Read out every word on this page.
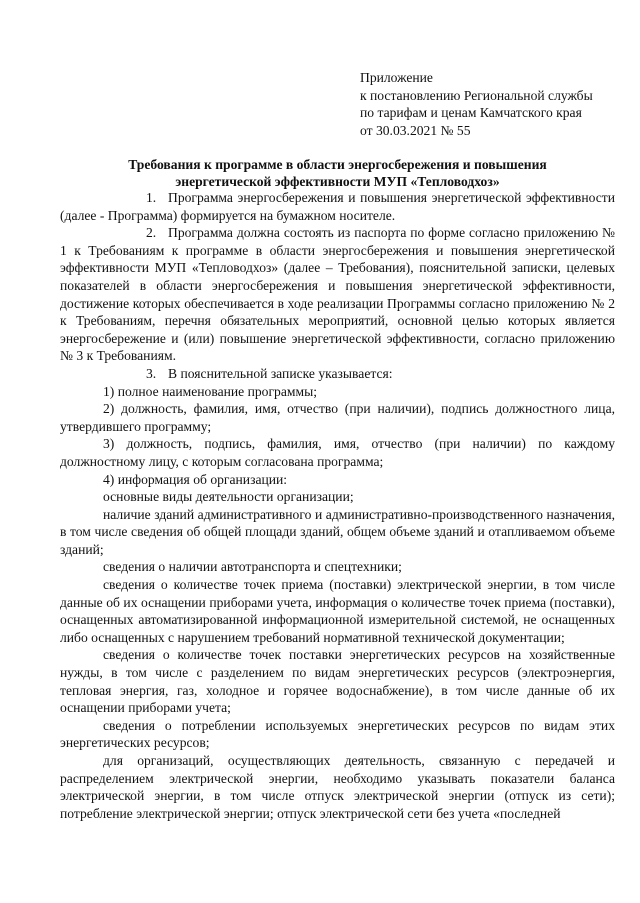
Приложение
к постановлению Региональной службы
по тарифам и ценам Камчатского края
от 30.03.2021 № 55
Требования к программе в области энергосбережения и повышения
энергетической эффективности МУП «Тепловодхоз»

1. Программа энергосбережения и повышения энергетической эффективности (далее - Программа) формируется на бумажном носителе.

2. Программа должна состоять из паспорта по форме согласно приложению № 1 к Требованиям к программе в области энергосбережения и повышения энергетической эффективности МУП «Тепловодхоз» (далее – Требования), пояснительной записки, целевых показателей в области энергосбережения и повышения энергетической эффективности, достижение которых обеспечивается в ходе реализации Программы согласно приложению № 2 к Требованиям, перечня обязательных мероприятий, основной целью которых является энергосбережение и (или) повышение энергетической эффективности, согласно приложению № 3 к Требованиям.

3. В пояснительной записке указывается:

1) полное наименование программы;

2) должность, фамилия, имя, отчество (при наличии), подпись должностного лица, утвердившего программу;

3) должность, подпись, фамилия, имя, отчество (при наличии) по каждому должностному лицу, с которым согласована программа;

4) информация об организации:

основные виды деятельности организации;

наличие зданий административного и административно-производственного назначения, в том числе сведения об общей площади зданий, общем объеме зданий и отапливаемом объеме зданий;

сведения о наличии автотранспорта и спецтехники;

сведения о количестве точек приема (поставки) электрической энергии, в том числе данные об их оснащении приборами учета, информация о количестве точек приема (поставки), оснащенных автоматизированной информационной измерительной системой, не оснащенных либо оснащенных с нарушением требований нормативной технической документации;

сведения о количестве точек поставки энергетических ресурсов на хозяйственные нужды, в том числе с разделением по видам энергетических ресурсов (электроэнергия, тепловая энергия, газ, холодное и горячее водоснабжение), в том числе данные об их оснащении приборами учета;

сведения о потреблении используемых энергетических ресурсов по видам этих энергетических ресурсов;

для организаций, осуществляющих деятельность, связанную с передачей и распределением электрической энергии, необходимо указывать показатели баланса электрической энергии, в том числе отпуск электрической энергии (отпуск из сети); потребление электрической энергии; отпуск электрической сети без учета «последней
